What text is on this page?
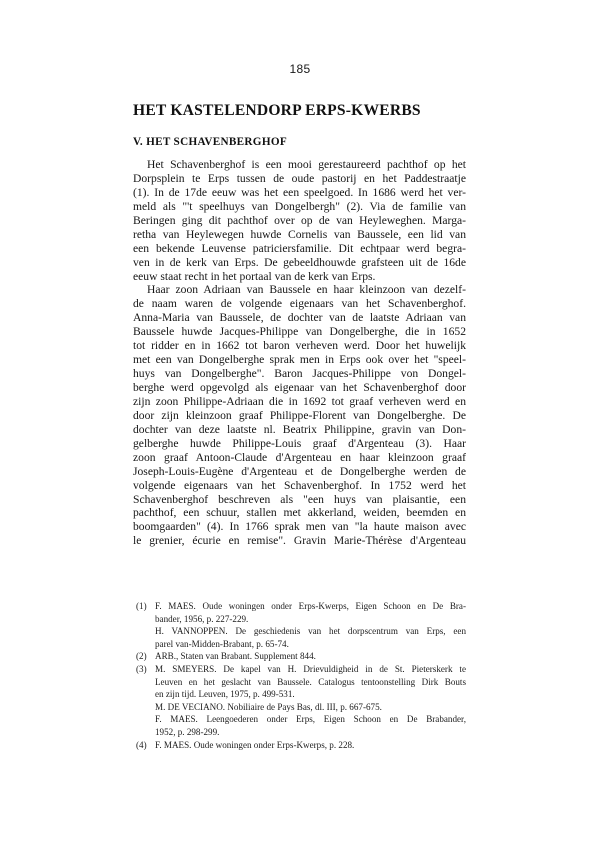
185
HET KASTELENDORP ERPS-KWERBS
V. HET SCHAVENBERGHOF
Het Schavenberghof is een mooi gerestaureerd pachthof op het
Dorpsplein te Erps tussen de oude pastorij en het Paddestraatje
(1). In de 17de eeuw was het een speelgoed. In 1686 werd het ver-
meld als "'t speelhuys van Dongelbergh" (2). Via de familie van
Beringen ging dit pachthof over op de van Heyleweghen. Marga-
retha van Heylewegen huwde Cornelis van Baussele, een lid van
een bekende Leuvense patriciersfamilie. Dit echtpaar werd begra-
ven in de kerk van Erps. De gebeeldhouwde grafsteen uit de 16de
eeuw staat recht in het portaal van de kerk van Erps.
Haar zoon Adriaan van Baussele en haar kleinzoon van dezelf-
de naam waren de volgende eigenaars van het Schavenberghof.
Anna-Maria van Baussele, de dochter van de laatste Adriaan van
Baussele huwde Jacques-Philippe van Dongelberghe, die in 1652
tot ridder en in 1662 tot baron verheven werd. Door het huwelijk
met een van Dongelberghe sprak men in Erps ook over het "speel-
huys van Dongelberghe". Baron Jacques-Philippe von Dongel-
berghe werd opgevolgd als eigenaar van het Schavenberghof door
zijn zoon Philippe-Adriaan die in 1692 tot graaf verheven werd en
door zijn kleinzoon graaf Philippe-Florent van Dongelberghe. De
dochter van deze laatste nl. Beatrix Philippine, gravin van Don-
gelberghe huwde Philippe-Louis graaf d'Argenteau (3). Haar
zoon graaf Antoon-Claude d'Argenteau en haar kleinzoon graaf
Joseph-Louis-Eugène d'Argenteau et de Dongelberghe werden de
volgende eigenaars van het Schavenberghof. In 1752 werd het
Schavenberghof beschreven als "een huys van plaisantie, een
pachthof, een schuur, stallen met akkerland, weiden, beemden en
boomgaarden" (4). In 1766 sprak men van "la haute maison avec
le grenier, écurie en remise". Gravin Marie-Thérèse d'Argenteau
(1) F. MAES. Oude woningen onder Erps-Kwerps, Eigen Schoon en De Bra-
bander, 1956, p. 227-229.
H. VANNOPPEN. De geschiedenis van het dorpscentrum van Erps, een
parel van-Midden-Brabant, p. 65-74.
(2) ARB., Staten van Brabant. Supplement 844.
(3) M. SMEYERS. De kapel van H. Drievuldigheid in de St. Pieterskerk te
Leuven en het geslacht van Baussele. Catalogus tentoonstelling Dirk Bouts
en zijn tijd. Leuven, 1975, p. 499-531.
M. DE VECIANO. Nobiliaire de Pays Bas, dl. III, p. 667-675.
F. MAES. Leengoederen onder Erps, Eigen Schoon en De Brabander,
1952, p. 298-299.
(4) F. MAES. Oude woningen onder Erps-Kwerps, p. 228.
